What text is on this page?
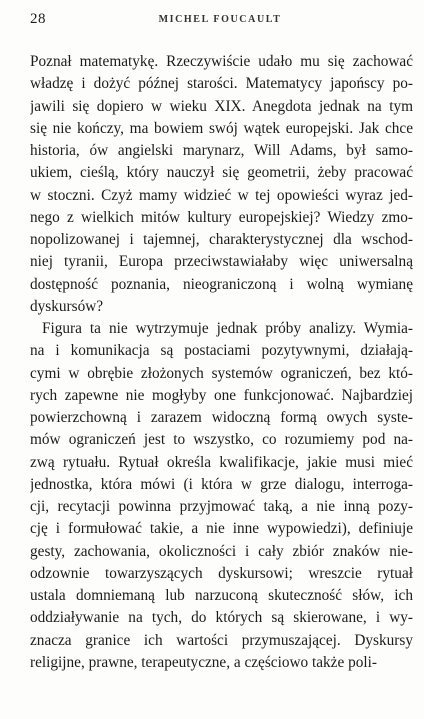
28	MICHEL FOUCAULT

Poznał matematykę. Rzeczywiście udało mu się zachować
władzę i dożyć późnej starości. Matematycy japońscy po-
jawili się dopiero w wieku XIX. Anegdota jednak na tym
się nie kończy, ma bowiem swój wątek europejski. Jak chce
historia, ów angielski marynarz, Will Adams, był samo-
ukiem, cieślą, który nauczył się geometrii, żeby pracować
w stoczni. Czyż mamy widzieć w tej opowieści wyraz jed-
nego z wielkich mitów kultury europejskiej? Wiedzy zmo-
nopolizowanej i tajemnej, charakterystycznej dla wschod-
niej tyranii, Europa przeciwstawiałaby więc uniwersalną
dostępność poznania, nieograniczoną i wolną wymianę
dyskursów?

Figura ta nie wytrzymuje jednak próby analizy. Wymia-
na i komunikacja są postaciami pozytywnymi, działają-
cymi w obrębie złożonych systemów ograniczeń, bez któ-
rych zapewne nie mogłyby one funkcjonować. Najbardziej
powierzchowną i zarazem widoczną formą owych syste-
mów ograniczeń jest to wszystko, co rozumiemy pod na-
zwą rytuału. Rytuał określa kwalifikacje, jakie musi mieć
jednostka, która mówi (i która w grze dialogu, interroga-
cji, recytacji powinna przyjmować taką, a nie inną pozy-
cję i formułować takie, a nie inne wypowiedzi), definiuje
gesty, zachowania, okoliczności i cały zbiór znaków nie-
odzownie towarzyszących dyskursowi; wreszcie rytuał
ustala domniemaną lub narzuconą skuteczność słów, ich
oddziaływanie na tych, do których są skierowane, i wy-
znacza granice ich wartości przymuszającej. Dyskursy
religijne, prawne, terapeutyczne, a częściowo także poli-
